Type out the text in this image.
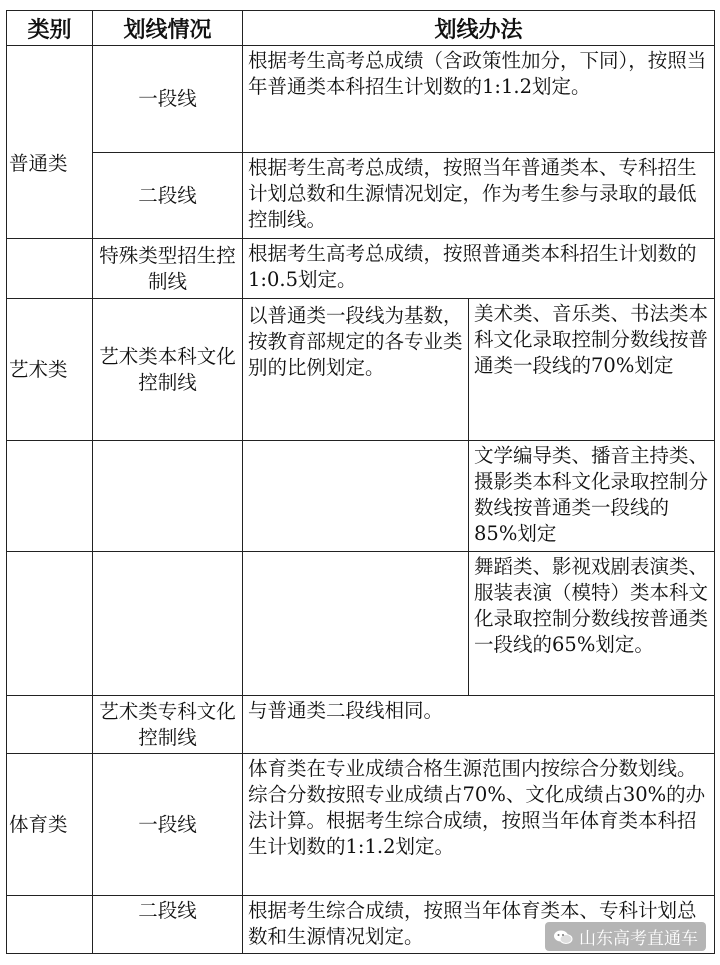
类别	划线情况	划线办法	
普通类	一段线	根据考生高考总成绩（含政策性加分，下同），按照当年普通类本科招生计划数的1:1.2划定。	
	二段线	根据考生高考总成绩，按照当年普通类本、专科招生计划总数和生源情况划定，作为考生参与录取的最低控制线。	
	特殊类型招生控制线	根据考生高考总成绩，按照普通类本科招生计划数的1:0.5划定。	
艺术类	艺术类本科文化控制线	以普通类一段线为基数，按教育部规定的各专业类别的比例划定。	美术类、音乐类、书法类本科文化录取控制分数线按普通类一段线的70%划定
			文学编导类、播音主持类、摄影类本科文化录取控制分数线按普通类一段线的85%划定
			舞蹈类、影视戏剧表演类、服装表演（模特）类本科文化录取控制分数线按普通类一段线的65%划定。
	艺术类专科文化控制线	与普通类二段线相同。	
体育类	一段线	体育类在专业成绩合格生源范围内按综合分数划线。综合分数按照专业成绩占70%、文化成绩占30%的办法计算。根据考生综合成绩，按照当年体育类本科招生计划数的1:1.2划定。	
	二段线	根据考生综合成绩，按照当年体育类本、专科计划总数和生源情况划定。		山东高考直通车
